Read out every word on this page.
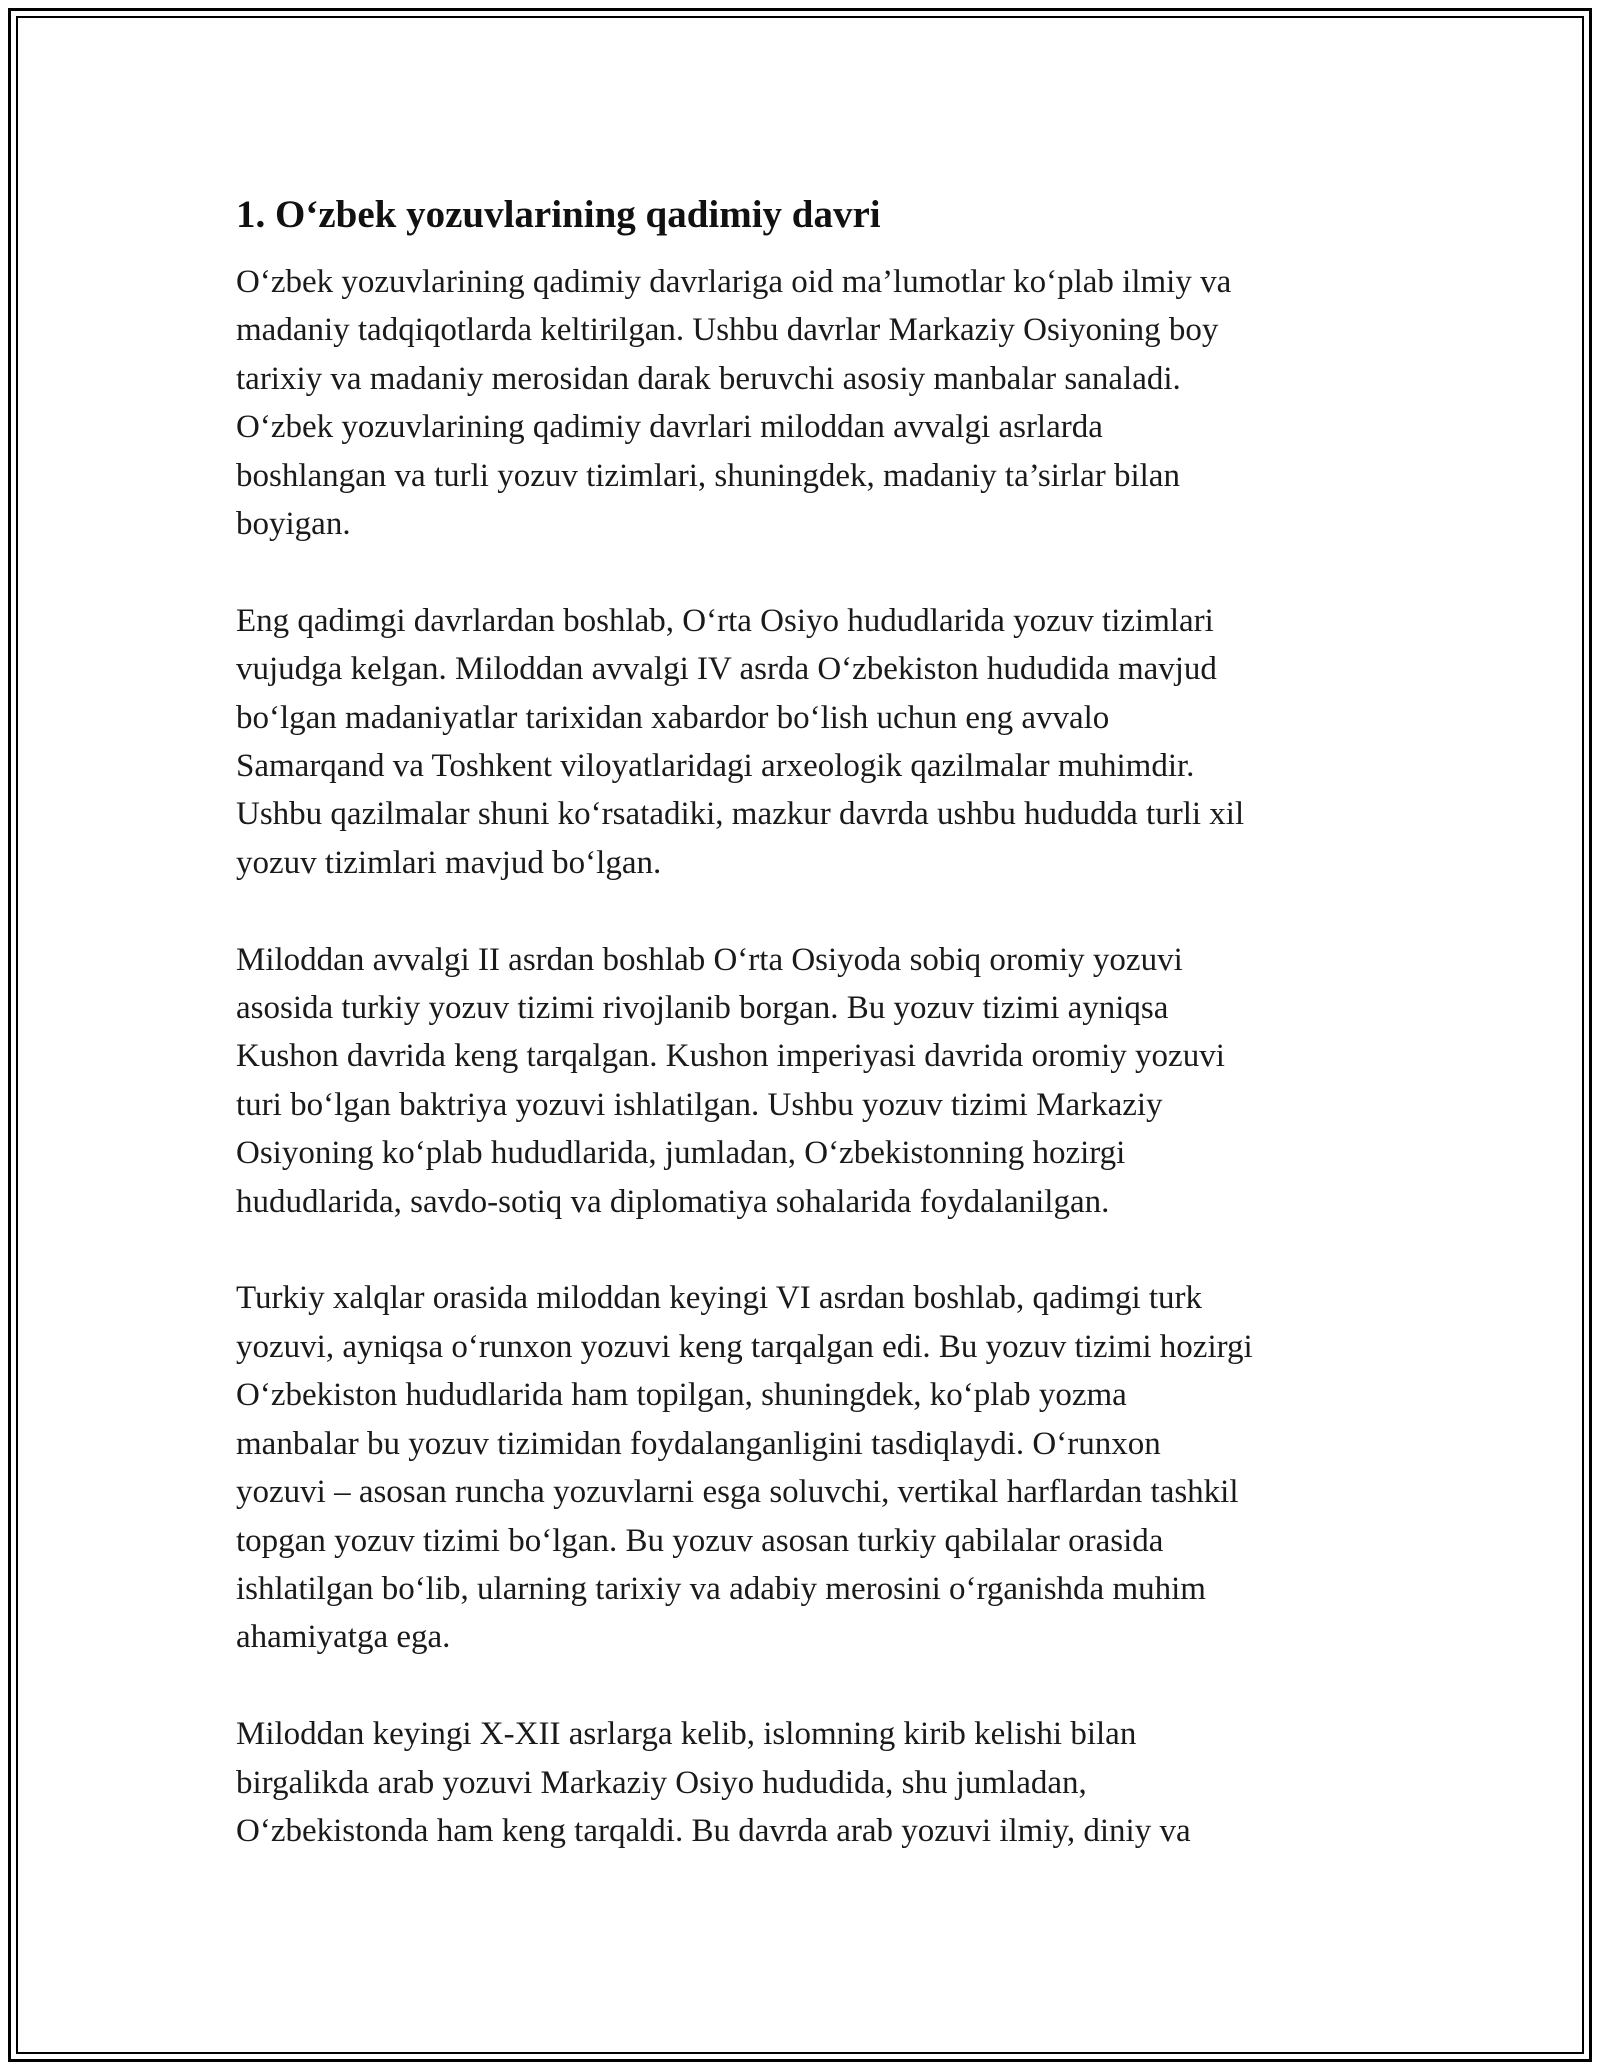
1. O‘zbek yozuvlarining qadimiy davri

O‘zbek yozuvlarining qadimiy davrlariga oid ma’lumotlar ko‘plab ilmiy va
madaniy tadqiqotlarda keltirilgan. Ushbu davrlar Markaziy Osiyoning boy
tarixiy va madaniy merosidan darak beruvchi asosiy manbalar sanaladi.
O‘zbek yozuvlarining qadimiy davrlari miloddan avvalgi asrlarda
boshlangan va turli yozuv tizimlari, shuningdek, madaniy ta’sirlar bilan
boyigan.

Eng qadimgi davrlardan boshlab, O‘rta Osiyo hududlarida yozuv tizimlari
vujudga kelgan. Miloddan avvalgi IV asrda O‘zbekiston hududida mavjud
bo‘lgan madaniyatlar tarixidan xabardor bo‘lish uchun eng avvalo
Samarqand va Toshkent viloyatlaridagi arxeologik qazilmalar muhimdir.
Ushbu qazilmalar shuni ko‘rsatadiki, mazkur davrda ushbu hududda turli xil
yozuv tizimlari mavjud bo‘lgan.

Miloddan avvalgi II asrdan boshlab O‘rta Osiyoda sobiq oromiy yozuvi
asosida turkiy yozuv tizimi rivojlanib borgan. Bu yozuv tizimi ayniqsa
Kushon davrida keng tarqalgan. Kushon imperiyasi davrida oromiy yozuvi
turi bo‘lgan baktriya yozuvi ishlatilgan. Ushbu yozuv tizimi Markaziy
Osiyoning ko‘plab hududlarida, jumladan, O‘zbekistonning hozirgi
hududlarida, savdo-sotiq va diplomatiya sohalarida foydalanilgan.

Turkiy xalqlar orasida miloddan keyingi VI asrdan boshlab, qadimgi turk
yozuvi, ayniqsa o‘runxon yozuvi keng tarqalgan edi. Bu yozuv tizimi hozirgi
O‘zbekiston hududlarida ham topilgan, shuningdek, ko‘plab yozma
manbalar bu yozuv tizimidan foydalanganligini tasdiqlaydi. O‘runxon
yozuvi – asosan runcha yozuvlarni esga soluvchi, vertikal harflardan tashkil
topgan yozuv tizimi bo‘lgan. Bu yozuv asosan turkiy qabilalar orasida
ishlatilgan bo‘lib, ularning tarixiy va adabiy merosini o‘rganishda muhim
ahamiyatga ega.

Miloddan keyingi X-XII asrlarga kelib, islomning kirib kelishi bilan
birgalikda arab yozuvi Markaziy Osiyo hududida, shu jumladan,
O‘zbekistonda ham keng tarqaldi. Bu davrda arab yozuvi ilmiy, diniy va
